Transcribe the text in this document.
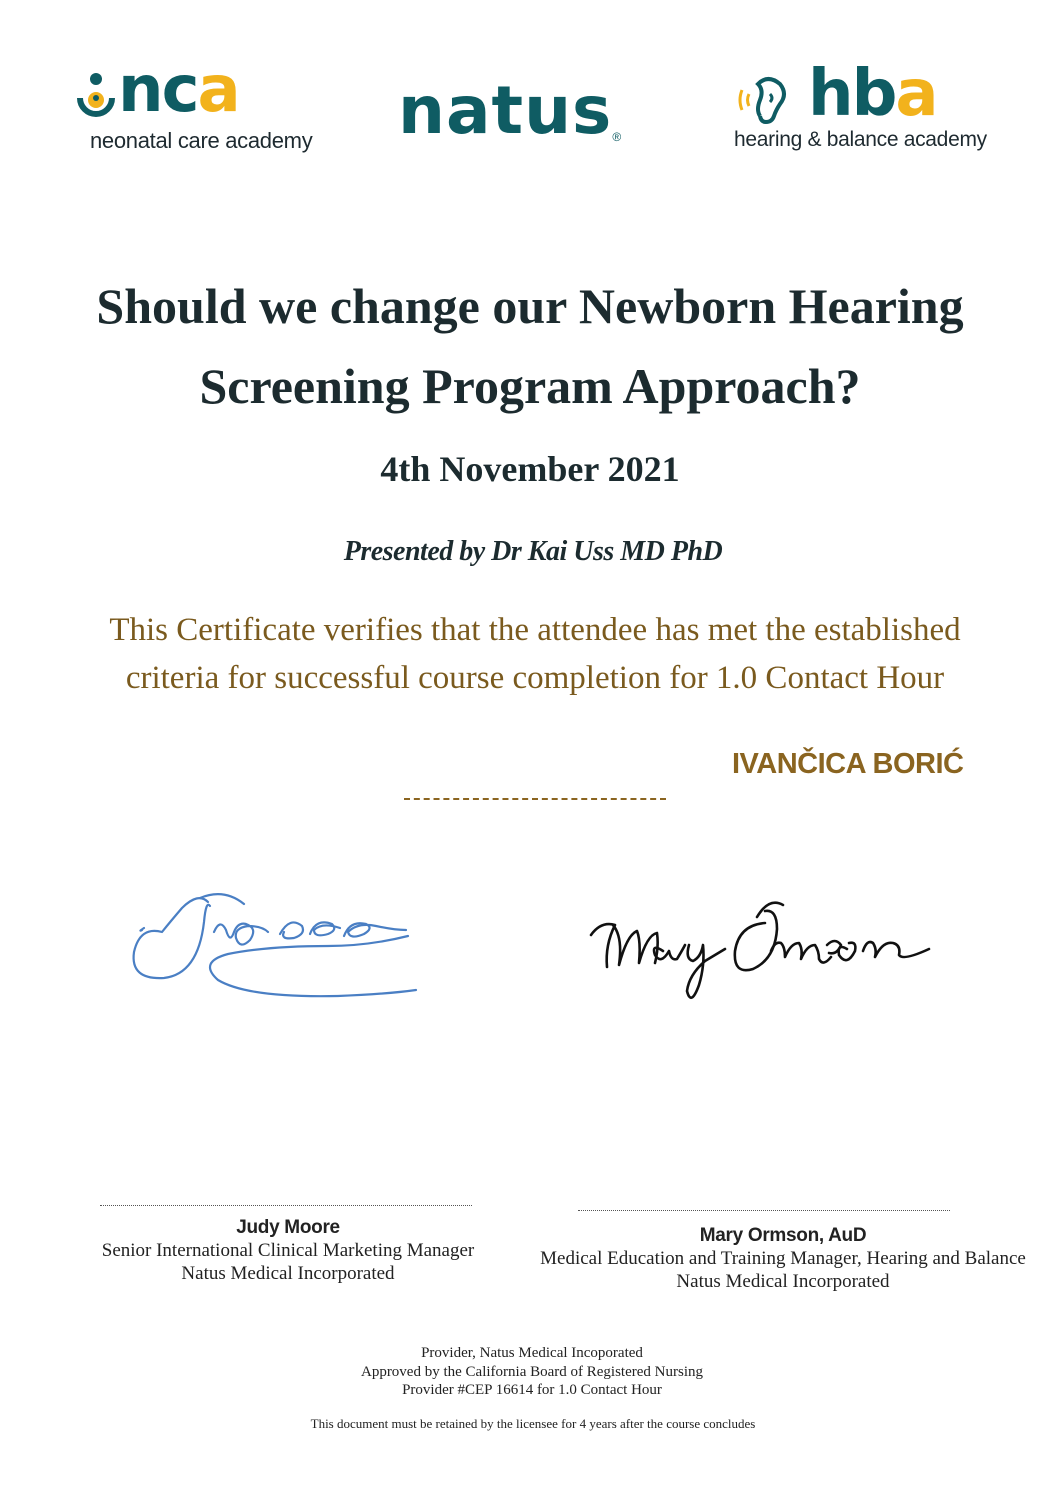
nca
neonatal care academy natus®
hba
hearing & balance academy
Should we change our Newborn Hearing
Screening Program Approach?
4th November 2021
Presented by Dr Kai Uss MD PhD
This Certificate verifies that the attendee has met the established
criteria for successful course completion for 1.0 Contact Hour
IVANČICA BORIĆ
Judy Moore
Senior International Clinical Marketing Manager
Natus Medical Incorporated
Mary Ormson, AuD
Medical Education and Training Manager, Hearing and Balance
Natus Medical Incorporated
Provider, Natus Medical Incoporated
Approved by the California Board of Registered Nursing
Provider #CEP 16614 for 1.0 Contact Hour
This document must be retained by the licensee for 4 years after the course concludes
